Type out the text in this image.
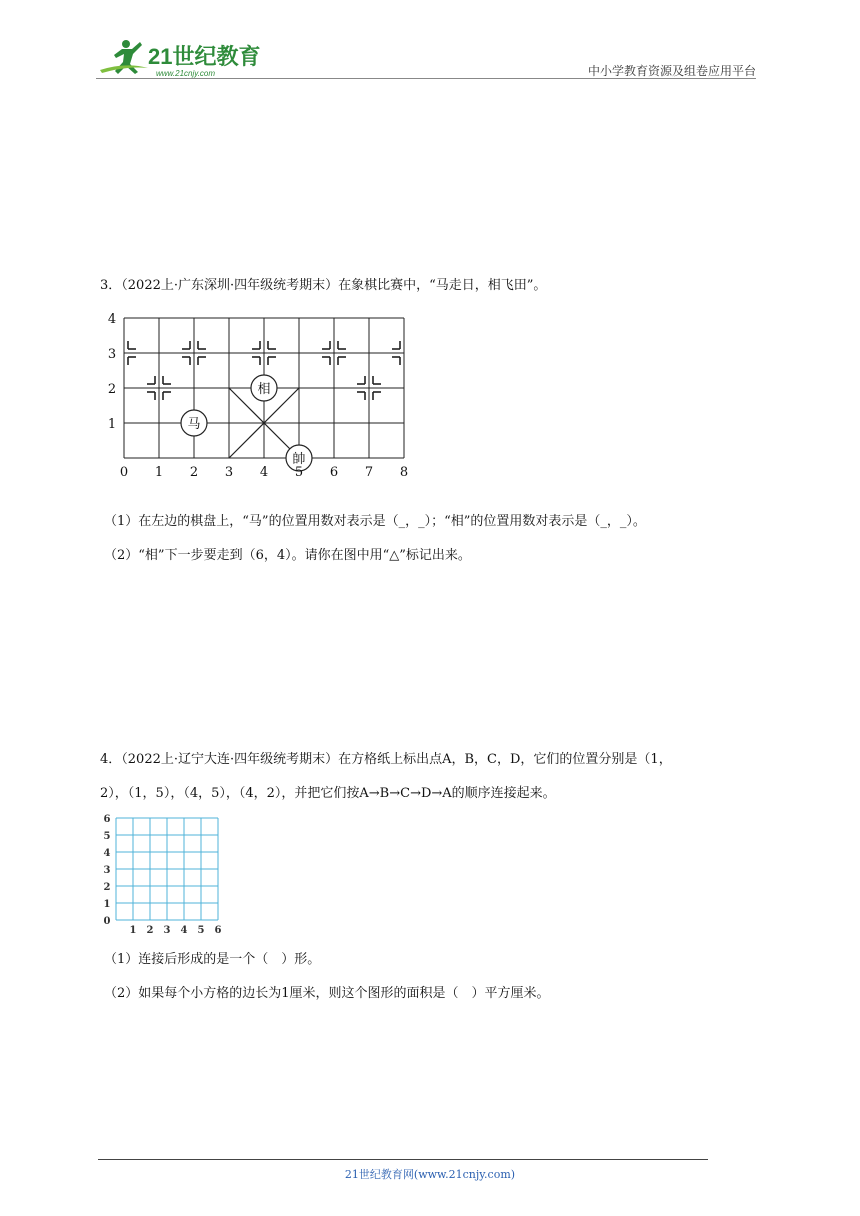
21世纪教育
www.21cnjy.com	中小学教育资源及组卷应用平台
3．（2022上·广东深圳·四年级统考期末）在象棋比赛中，“马走日，相飞田”。
马
相
帥
0 1 2 3 4 5 6 7 8
1
2
3
4
（1）在左边的棋盘上，“马”的位置用数对表示是（_，_）；“相”的位置用数对表示是（_，_）。
（2）“相”下一步要走到（6，4）。请你在图中用“△”标记出来。
4．（2022上·辽宁大连·四年级统考期末）在方格纸上标出点A，B，C，D，它们的位置分别是（1，
2），（1，5），（4，5），（4，2），并把它们按A→B→C→D→A的顺序连接起来。
1 2 3 4 5 6
0
1
2
3
4
5
6
（1）连接后形成的是一个（　）形。
（2）如果每个小方格的边长为1厘米，则这个图形的面积是（　）平方厘米。
21世纪教育网(www.21cnjy.com)
